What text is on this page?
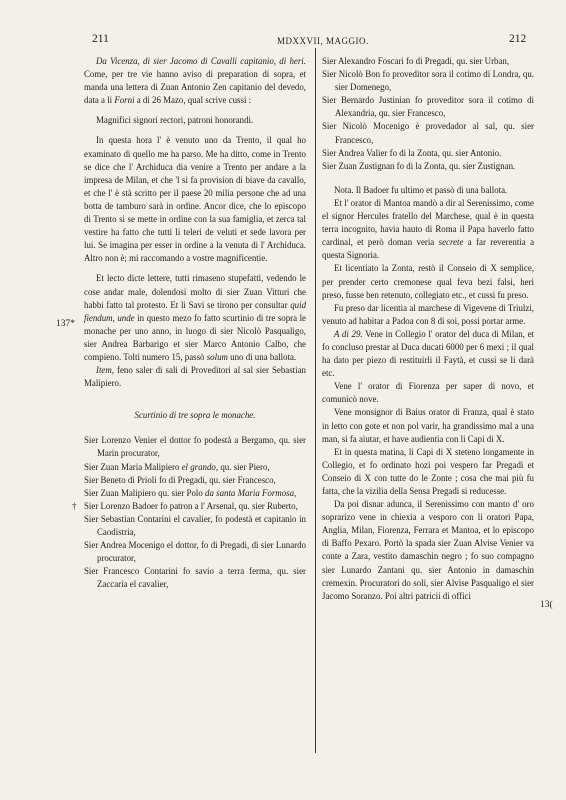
211	MDXXVII, MAGGIO.	212
137*
13(

Da Vicenza, di sier Jacomo di Cavalli capitanio, di heri. Come, per tre vie hanno aviso di preparation di sopra, et manda una lettera di Zuan Antonio Zen capitanio del devedo, data a li Forni a di 26 Mazo, qual scrive cussi :

Magnifici signori rectori, patroni honorandi.

In questa hora l' è venuto uno da Trento, il qual ho examinato di quello me ha parso. Me ha ditto, come in Trento se dice che l' Archiduca dia venire a Trento per andare a la impresa de Milan, et che 'l si fa provision di biave da cavallo, et che l' è stà scritto per il paese 20 milia persone che ad una botta de tamburo sarà in ordine. Ancor dice, che lo episcopo di Trento si se mette in ordine con la sua famiglia, et zerca tal vestire ha fatto che tutti li teleri de veluti et sede lavora per lui. Se imagina per esser in ordine a la venuta di l' Archiduca. Altro non è; mi raccomando a vostre magnificentie.

Et lecto dicte lettere, tutti rimaseno stupefatti, vedendo le cose andar male, dolendosi molto di sier Zuan Vitturi che habbi fatto tal protesto. Et li Savi se tirono per consultar quid fiendum, unde in questo mezo fo fatto scurtinio di tre sopra le monache per uno anno, in luogo di sier Nicolò Pasqualigo, sier Andrea Barbarigo et sier Marco Antonio Calbo, che compieno. Tolti numero 15, passò solum uno di una ballota.

Item, feno saler di sali di Proveditori al sal sier Sebastian Malipiero.

Scurtinio di tre sopra le monache.

Sier Lorenzo Venier el dottor fo podestà a Bergamo, qu. sier Marin procurator,

Sier Zuan Maria Malipiero el grando, qu. sier Piero,

Sier Beneto di Prioli fo di Pregadi, qu. sier Francesco,

Sier Zuan Malipiero qu. sier Polo da santa Maria Formosa,

† Sier Lorenzo Badoer fo patron a l' Arsenal, qu. sier Ruberto,

Sier Sebastian Contarini el cavalier, fo podestà et capitanio in Caodistria,

Sier Andrea Mocenigo el dottor, fo di Pregadi, di sier Lunardo procurator,

Sier Francesco Contarini fo savio a terra ferma, qu. sier Zaccaria el cavalier,

Sier Alexandro Foscari fo di Pregadi, qu. sier Urban,

Sier Nicolò Bon fo proveditor sora il cotimo di Londra, qu. sier Domenego,

Sier Bernardo Justinian fo proveditor sora il cotimo di Alexandria, qu. sier Francesco,

Sier Nicolò Mocenigo è provedador al sal, qu. sier Francesco,

Sier Andrea Valier fo di la Zonta, qu. sier Antonio.

Sier Zuan Zustignan fo di la Zonta, qu. sier Zustignan.

Nota. Il Badoer fu ultimo et passò di una ballota.

Et l' orator di Mantoa mandò a dir al Serenissimo, come el signor Hercules fratello del Marchese, qual è in questa terra incognito, havia hauto di Roma il Papa haverlo fatto cardinal, et però doman veria secrete a far reverentia a questa Signoria.

Et licentiato la Zonta, restò il Conseio di X semplice, per prender certo cremonese qual feva bezi falsi, heri preso, fusse ben retenuto, collegiato etc., et cussi fu preso.

Fu preso dar licentia al marchese di Vigevene di Triulzi, venuto ad habitar a Padoa con 8 di soi, possi portar arme.

A di 29. Vene in Collegio l' orator del duca di Milan, et fo concluso prestar al Duca ducati 6000 per 6 mexi ; il qual ha dato per piezo di restituirli il Faytà, et cussi se li darà etc.

Vene l' orator di Fiorenza per saper di novo, et comunicò nove.

Vene monsignor di Baius orator di Franza, qual è stato in letto con gote et non pol varir, ha grandissimo mal a una man, si fa aiutar, et have audientia con li Capi di X.

Et in questa matina, li Capi di X steteno longamente in Collegio, et fo ordinato hozi poi vespero far Pregadi et Conseio di X con tutte do le Zonte ; cosa che mai più fu fatta, che la vizilia della Sensa Pregadi si reducesse.

Da poi disnar adunca, il Serenissimo con manto d' oro soprarizo vene in chiexia a vesporo con li oratori Papa, Anglia, Milan, Fiorenza, Ferrara et Mantoa, et lo episcopo di Baffo Pexaro. Portò la spada sier Zuan Alvise Venier va conte a Zara, vestito damaschin negro ; fo suo compagno sier Lunardo Zantani qu. sier Antonio in damaschin cremexin. Procuratori do soli, sier Alvise Pasqualigo el sier Jacomo Soranzo. Poi altri patricii di offici
